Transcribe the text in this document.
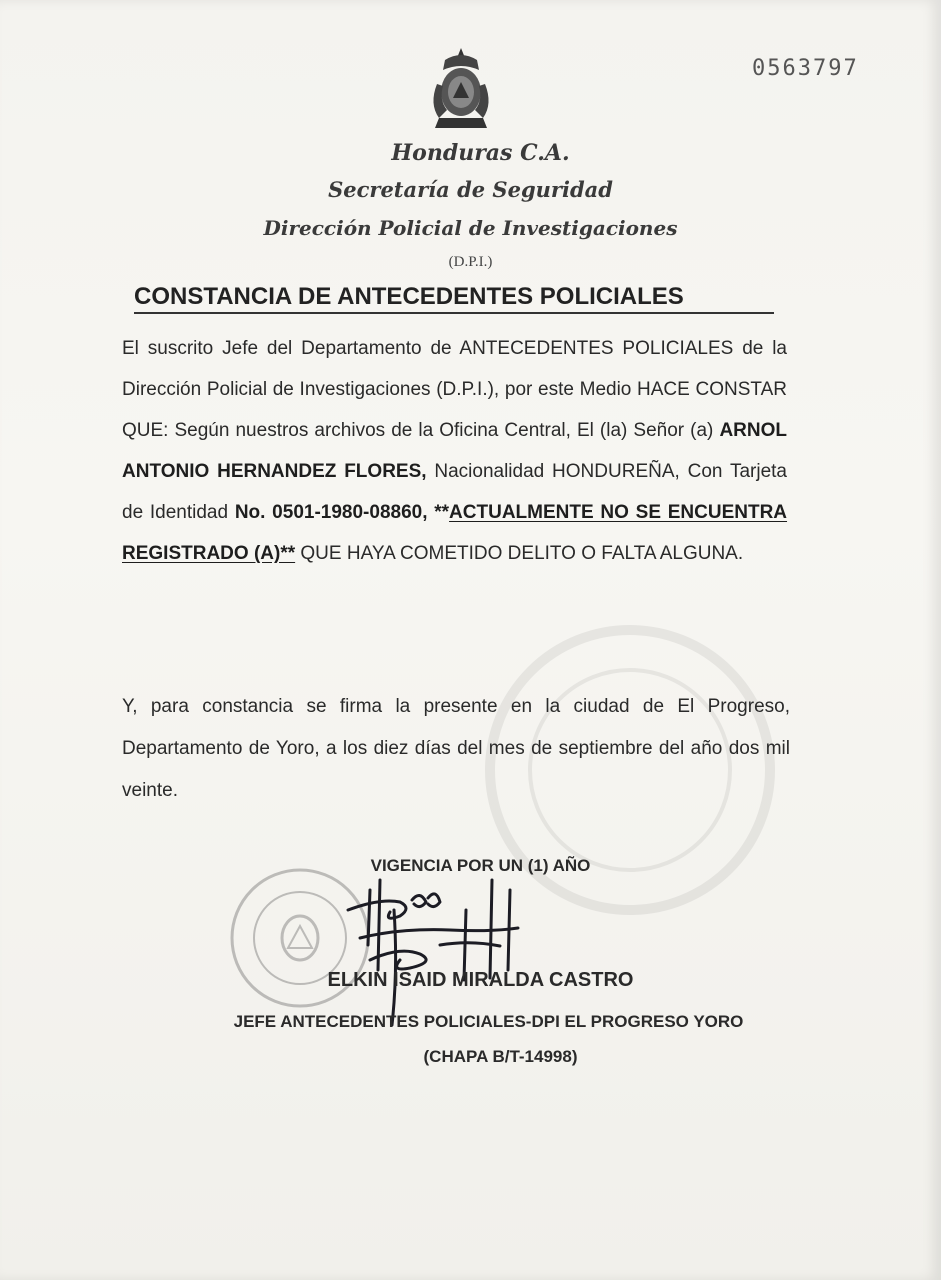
0563797
Honduras C.A.
Secretaría de Seguridad
Dirección Policial de Investigaciones
(D.P.I.)
CONSTANCIA DE ANTECEDENTES POLICIALES
El suscrito Jefe del Departamento de ANTECEDENTES POLICIALES de la Dirección Policial de Investigaciones (D.P.I.), por este Medio HACE CONSTAR QUE: Según nuestros archivos de la Oficina Central, El (la) Señor (a) ARNOL ANTONIO HERNANDEZ FLORES, Nacionalidad HONDUREÑA, Con Tarjeta de Identidad No. 0501-1980-08860, **ACTUALMENTE NO SE ENCUENTRA REGISTRADO (A)** QUE HAYA COMETIDO DELITO O FALTA ALGUNA.
Y, para constancia se firma la presente en la ciudad de El Progreso, Departamento de Yoro, a los diez días del mes de septiembre del año dos mil veinte.
VIGENCIA POR UN (1) AÑO
ELKIN ISAID MIRALDA CASTRO
JEFE ANTECEDENTES POLICIALES-DPI EL PROGRESO YORO
(CHAPA B/T-14998)
